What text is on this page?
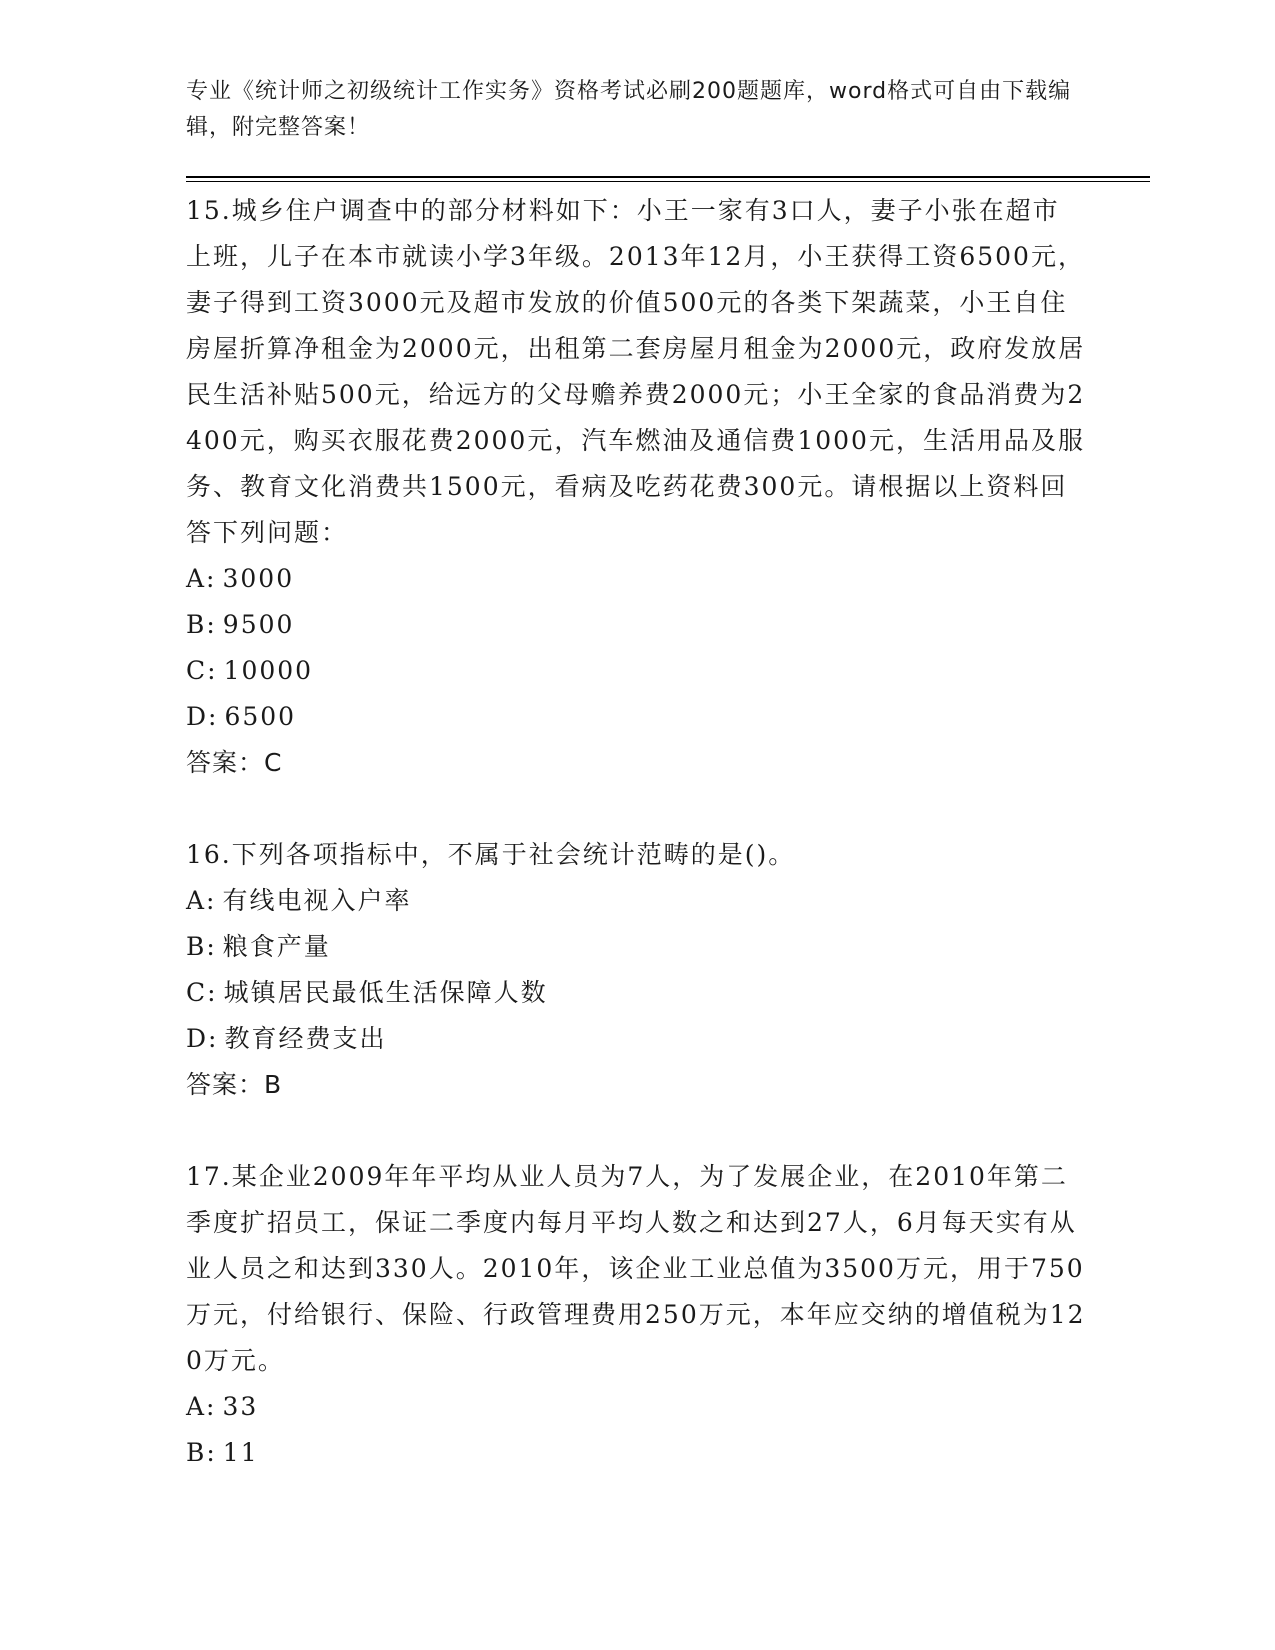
专业《统计师之初级统计工作实务》资格考试必刷200题题库，word格式可自由下载编辑，附完整答案！
15.城乡住户调查中的部分材料如下：小王一家有3口人，妻子小张在超市上班，儿子在本市就读小学3年级。2013年12月，小王获得工资6500元，妻子得到工资3000元及超市发放的价值500元的各类下架蔬菜，小王自住房屋折算净租金为2000元，出租第二套房屋月租金为2000元，政府发放居民生活补贴500元，给远方的父母赡养费2000元；小王全家的食品消费为2400元，购买衣服花费2000元，汽车燃油及通信费1000元，生活用品及服务、教育文化消费共1500元，看病及吃药花费300元。请根据以上资料回答下列问题：
A: 3000
B: 9500
C: 10000
D: 6500
答案：C
16.下列各项指标中，不属于社会统计范畴的是()。
A: 有线电视入户率
B: 粮食产量
C: 城镇居民最低生活保障人数
D: 教育经费支出
答案：B
17.某企业2009年年平均从业人员为7人，为了发展企业，在2010年第二季度扩招员工，保证二季度内每月平均人数之和达到27人，6月每天实有从业人员之和达到330人。2010年，该企业工业总值为3500万元，用于750万元，付给银行、保险、行政管理费用250万元，本年应交纳的增值税为120万元。
A: 33
B: 11
